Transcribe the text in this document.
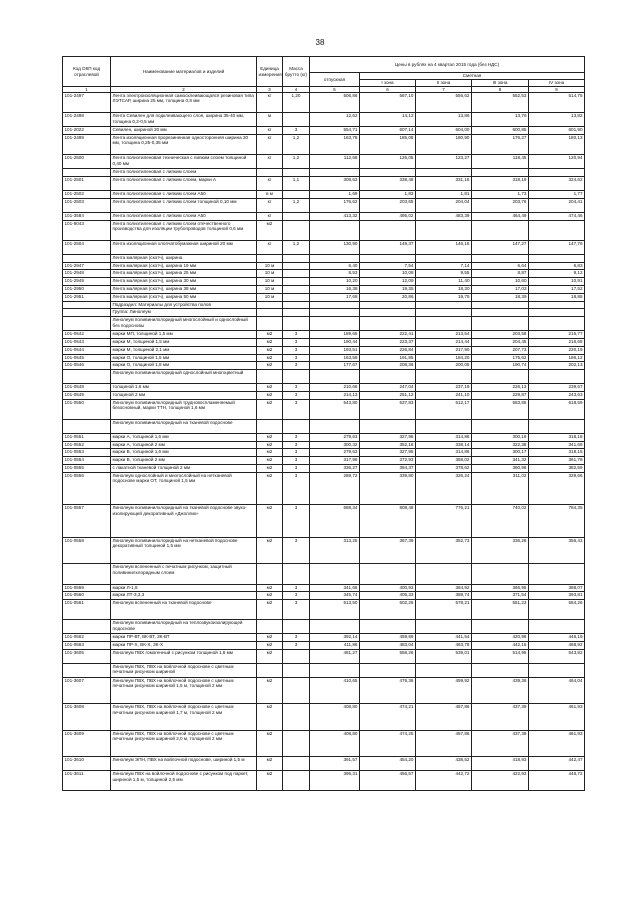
38
Код ОКП код отраслевой	Наименование материалов и изделий	Единица измерения	Масса брутто (кг)	Цены в рублях на 4 квартал 2015 года (без НДС)				
				отпускная	Сметная			
					I зона	II зона	III зона	IV зона
1	2	3	4	5	6	7	8	9
101-2497	Лента электроизоляционная самосклеивающаяся резиновая типа ЛЭТСАР, ширина 25 мм, толщина 0,8 мм	кг	1,20	506,86	567,10	556,62	552,53	514,75
101-2498	Лента Севилен для подклеивающего слоя, ширина 35-40 мм, толщина 0,2-0,5 мм	м		12,62	14,12	13,86	13,76	13,82
101-2022	Севилен, шириной 30 мм	кг	3	554,71	607,14	604,00	600,85	601,90
101-2499	Лента изоляционная прорезиненная односторонняя ширина 20 мм, толщина 0,25-0,35 мм	кг	1,2	163,78	185,08	180,90	176,27	180,13
101-2500	Лента полиэтиленовая техническая с липким слоем толщиной 0,40 мм	кг	1,2	112,68	126,05	123,27	118,45	120,94
	Лента полиэтиленовая с липким слоем							
101-2501	Лента полиэтиленовая с липким слоем, марки А	кг	1,1	308,63	338,48	331,15	318,19	324,62
101-2502	Лента полиэтиленовая с липким слоем А50	в м		1,69	1,83	1,81	1,73	1,77
101-2503	Лента полиэтиленовая с липким слоем толщиной 0,10 мм	кг	1,2	176,62	203,65	204,04	203,76	204,41
101-3584	Лента полиэтиленовая с липким слоем А50	кг		413,32	495,02	483,39	464,49	474,46
101-9043	Лента полиэтиленовая с липким слоем отечественного производства для изоляции трубопроводов толщиной 0,6 мм	м2						
101-2504	Лента изоляционная хлопчатобумажная шириной 20 мм	кг	1,2	130,90	149,37	146,15	147,27	147,76
	Лента малярная (скотч), ширина							
101-2947	Лента малярная (скотч), ширина 19 мм	10 м		6,40	7,54	7,14	6,64	6,83
101-2948	Лента малярная (скотч), ширина 25 мм	10 м		8,53	10,08	9,55	8,87	9,12
101-2949	Лента малярная (скотч), ширина 30 мм	10 м		10,20	12,09	11,40	10,60	10,91
101-2950	Лента малярная (скотч), ширина 38 мм	10 м		16,38	19,35	18,30	17,03	17,52
101-2951	Лента малярная (скотч), ширина 50 мм	10 м		17,68	20,86	19,75	18,39	18,88
	Подраздел: Материалы для устройства полов							
	Группа: Линолеум							
	Линолеум поливинилхлоридный многослойный и однослойный без подосновы							
101-0542	марки МП, толщиной 1,5 мм	м2	3	189,65	222,41	213,54	203,58	215,77
101-0543	марки М, толщиной 1,5 мм	м2	3	190,44	223,37	214,44	204,45	216,68
101-0544	марки М, толщиной 2,1 мм	м2	3	193,51	226,84	217,90	207,73	220,19
101-0545	марки О, толщиной 1,5 мм	м2	3	163,59	191,85	184,20	175,62	186,12
101-0546	марки О, толщиной 1,8 мм	м2	3	177,67	208,36	200,05	190,74	202,13
	Линолеум поливинилхлоридный однослойный многоцветный							
101-0548	толщиной 1,6 мм	м2	3	210,66	247,04	237,19	226,13	239,67
101-0549	толщиной 2 мм	м2	3	214,13	251,12	241,10	229,87	243,63
101-0550	Линолеум поливинилхлоридный трудновоспламеняемый безосновный, марки ТТН, толщиной 1,6 мм	м2	3	543,80	637,83	612,17	583,85	618,59
	Линолеум поливинилхлоридный на тканевой подоснове							
101-0551	марки А, толщиной 1,6 мм	м2	3	279,63	327,96	314,86	300,19	318,18
101-0552	марки А, толщиной 2 мм	м2	3	300,32	352,18	338,14	322,38	341,69
101-0553	марки В, толщиной 1,6 мм	м2	3	279,63	327,95	314,86	300,17	318,15
101-0554	марки В, толщиной 2 мм	м2	3	317,96	372,93	358,02	341,32	361,78
101-0555	с лакатной тканевой толщиной 2 мм	м2	3	336,27	394,37	378,62	360,98	382,59
101-0556	Линолеум однослойный и многослойный на нетканевой подоснове марки ОТ, толщиной 1,5 мм	м2	3	289,72	339,80	326,24	311,02	329,66
101-0557	Линолеум поливинилхлоридный на тканевой подоснове звуко-изолирующей декоративный «Джоллик»	м2	3	688,34	808,48	776,21	740,02	784,35
101-0558	Линолеум поливинилхлоридный на нетканевой подоснове декоративный толщиной 1,5 мм	м2	3	313,25	367,39	352,73	336,28	356,43
	Линолеум вспененный с печатным рисунком, защитный поливинилхлоридным слоем							
101-0559	марки Л-1,8	м2	3	341,66	400,93	384,92	366,95	388,07
101-0560	марки ЛТ-3,3,3	м2	3	345,74	405,33	389,74	371,54	393,81
101-0561	Линолеум вспененный на тканевой подоснове	м2	3	513,50	602,26	578,21	551,23	584,26
	Линолеум поливинилхлоридный на теплозвукоизолирующей подоснове							
101-0562	марки ПР-ВТ, ВК-ВТ, ЗК-ВТ	м2	3	392,14	459,89	441,54	420,96	446,19
101-0563	марки ПР-Х, ВК-Х, ЗК-Х	м2	3	411,86	483,04	463,78	442,15	468,92
101-3605	Линолеум ПВХ гомогенный с рисунком толщиной 1,6 мм	м2		481,27	558,26	539,01	514,95	543,82
	Линолеум ПВХ, ПВХ на войлочной подоснове с цветным печатным рисунком шириной							
101-3607	Линолеум ПВХ, ПВХ на войлочной подоснове с цветным печатным рисунком шириной 1,5 м, толщиной 2 мм	м2		410,65	476,36	459,92	439,36	464,04
101-3608	Линолеум ПВХ, ПВХ на войлочной подоснове с цветным печатным рисунком шириной 1,7 м, толщиной 2 мм	м2		408,80	474,21	457,86	437,39	461,93
101-3609	Линолеум ПВХ, ПВХ на войлочной подоснове с цветным печатным рисунком шириной 2,0 м, толщиной 2 мм	м2		408,80	474,25	457,86	437,39	461,93
101-3610	Линолеум ЭПН, ПВХ на войлочной подоснове, шириной 1,5 м	м2		391,57	454,20	438,52	418,93	442,47
101-3611	Линолеум ПВХ на войлочной подоснове с рисунком под паркет, шириной 1,5 м, толщиной 2,5 мм	м2		395,31	456,57	442,72	422,93	446,72
